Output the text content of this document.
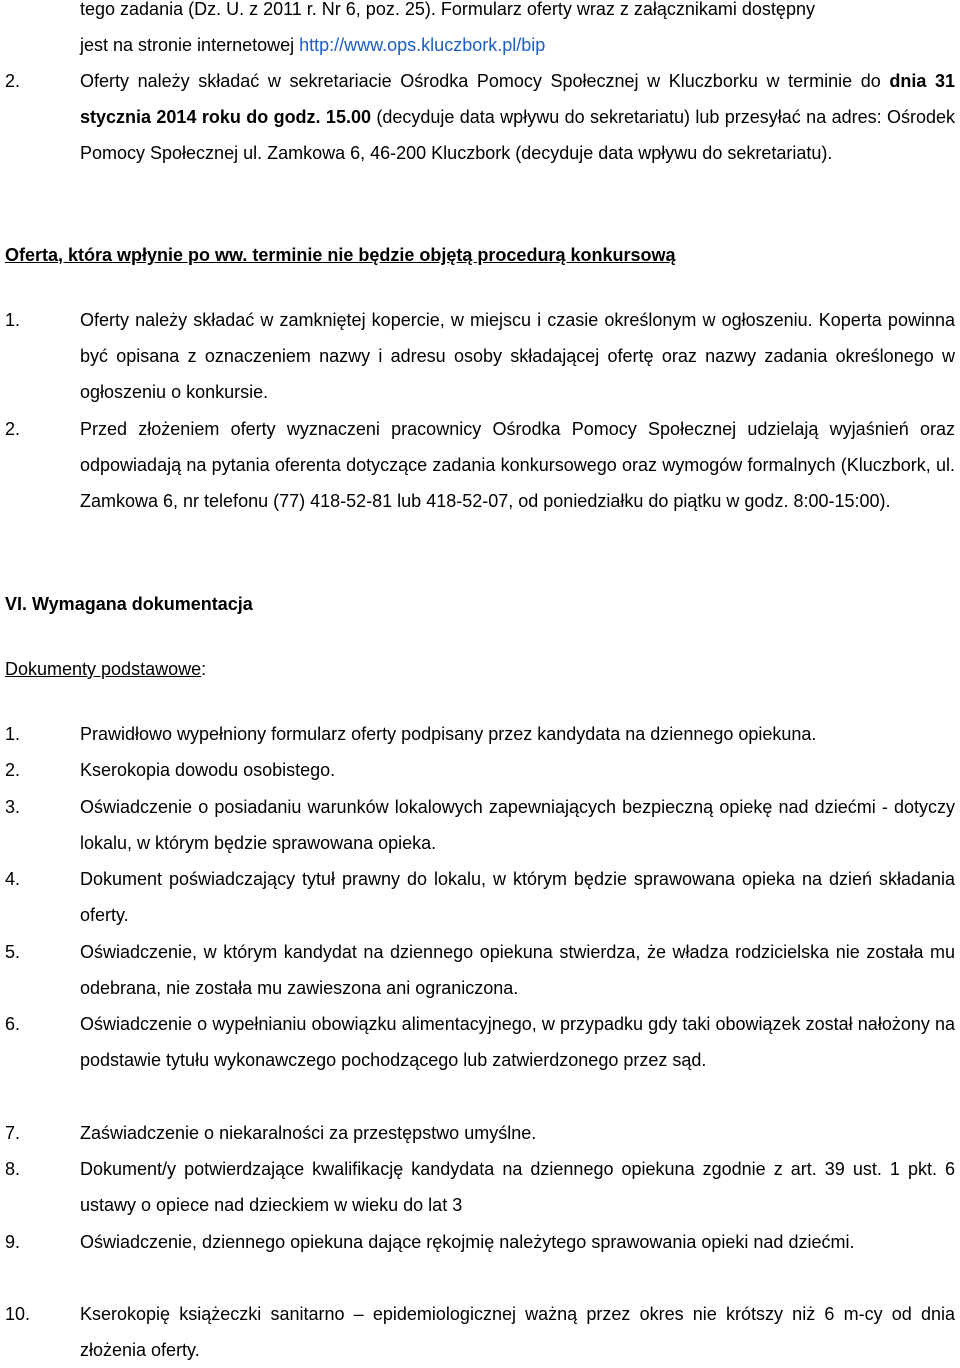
tego zadania (Dz. U. z 2011 r. Nr 6, poz. 25). Formularz oferty wraz z załącznikami dostępny
jest na stronie internetowej http://www.ops.kluczbork.pl/bip
2.	Oferty należy składać w sekretariacie Ośrodka Pomocy Społecznej w Kluczborku w terminie do dnia 31 stycznia 2014 roku do godz. 15.00 (decyduje data wpływu do sekretariatu) lub przesyłać na adres: Ośrodek Pomocy Społecznej ul. Zamkowa 6, 46-200 Kluczbork (decyduje data wpływu do sekretariatu).
Oferta, która wpłynie po ww. terminie nie będzie objętą procedurą konkursową
1.	Oferty należy składać w zamkniętej kopercie, w miejscu i czasie określonym w ogłoszeniu. Koperta powinna być opisana z oznaczeniem nazwy i adresu osoby składającej ofertę oraz nazwy zadania określonego w ogłoszeniu o konkursie.
2.	Przed złożeniem oferty wyznaczeni pracownicy Ośrodka Pomocy Społecznej udzielają wyjaśnień oraz odpowiadają na pytania oferenta dotyczące zadania konkursowego oraz wymogów formalnych (Kluczbork, ul. Zamkowa 6, nr telefonu (77) 418-52-81 lub 418-52-07, od poniedziałku do piątku w godz. 8:00-15:00).
VI. Wymagana dokumentacja
Dokumenty podstawowe:
1.	Prawidłowo wypełniony formularz oferty podpisany przez kandydata na dziennego opiekuna.
2.	Kserokopia dowodu osobistego.
3.	Oświadczenie o posiadaniu warunków lokalowych zapewniających bezpieczną opiekę nad dziećmi - dotyczy lokalu, w którym będzie sprawowana opieka.
4.	Dokument poświadczający tytuł prawny do lokalu, w którym będzie sprawowana opieka na dzień składania oferty.
5.	Oświadczenie, w którym kandydat na dziennego opiekuna stwierdza, że władza rodzicielska nie została mu odebrana, nie została mu zawieszona ani ograniczona.
6.	Oświadczenie o wypełnianiu obowiązku alimentacyjnego, w przypadku gdy taki obowiązek został nałożony na podstawie tytułu wykonawczego pochodzącego lub zatwierdzonego przez sąd.
7.	Zaświadczenie o niekaralności za przestępstwo umyślne.
8.	Dokument/y potwierdzające kwalifikację kandydata na dziennego opiekuna zgodnie z art. 39 ust. 1 pkt. 6 ustawy o opiece nad dzieckiem w wieku do lat 3
9.	Oświadczenie, dziennego opiekuna dające rękojmię należytego sprawowania opieki nad dziećmi.
10.	Kserokopię książeczki sanitarno – epidemiologicznej ważną przez okres nie krótszy niż 6 m-cy od dnia złożenia oferty.
